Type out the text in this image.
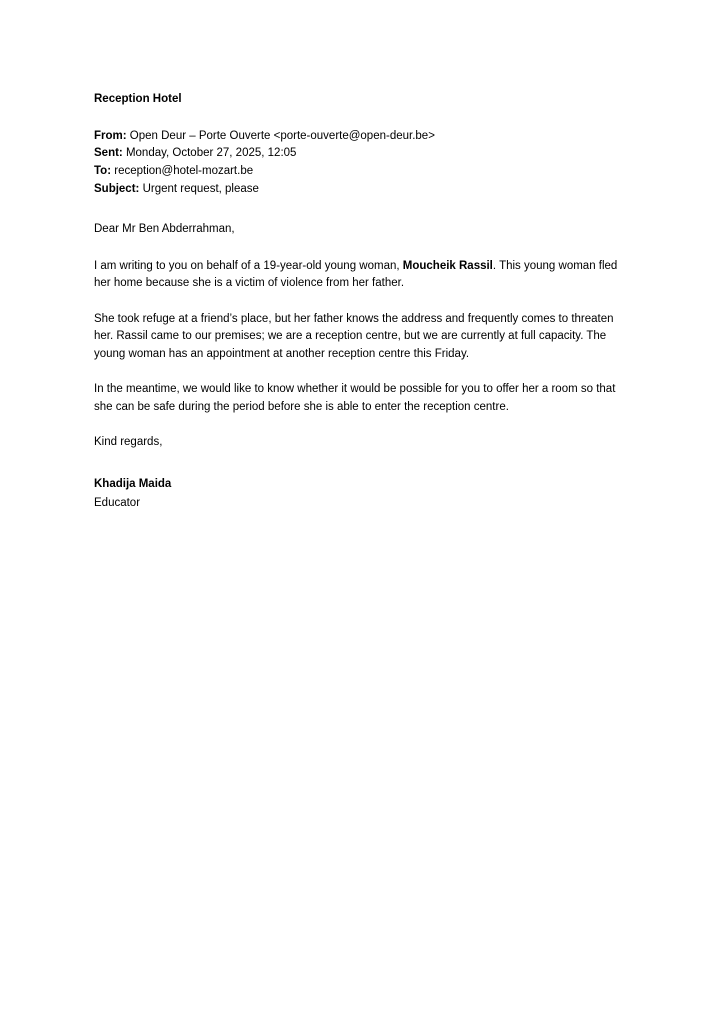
Reception Hotel
From: Open Deur – Porte Ouverte <porte-ouverte@open-deur.be>
Sent: Monday, October 27, 2025, 12:05
To: reception@hotel-mozart.be
Subject: Urgent request, please
Dear Mr Ben Abderrahman,

I am writing to you on behalf of a 19-year-old young woman, Moucheik Rassil. This young woman fled her home because she is a victim of violence from her father.

She took refuge at a friend’s place, but her father knows the address and frequently comes to threaten her. Rassil came to our premises; we are a reception centre, but we are currently at full capacity. The young woman has an appointment at another reception centre this Friday.

In the meantime, we would like to know whether it would be possible for you to offer her a room so that she can be safe during the period before she is able to enter the reception centre.

Kind regards,
Khadija Maida
Educator
